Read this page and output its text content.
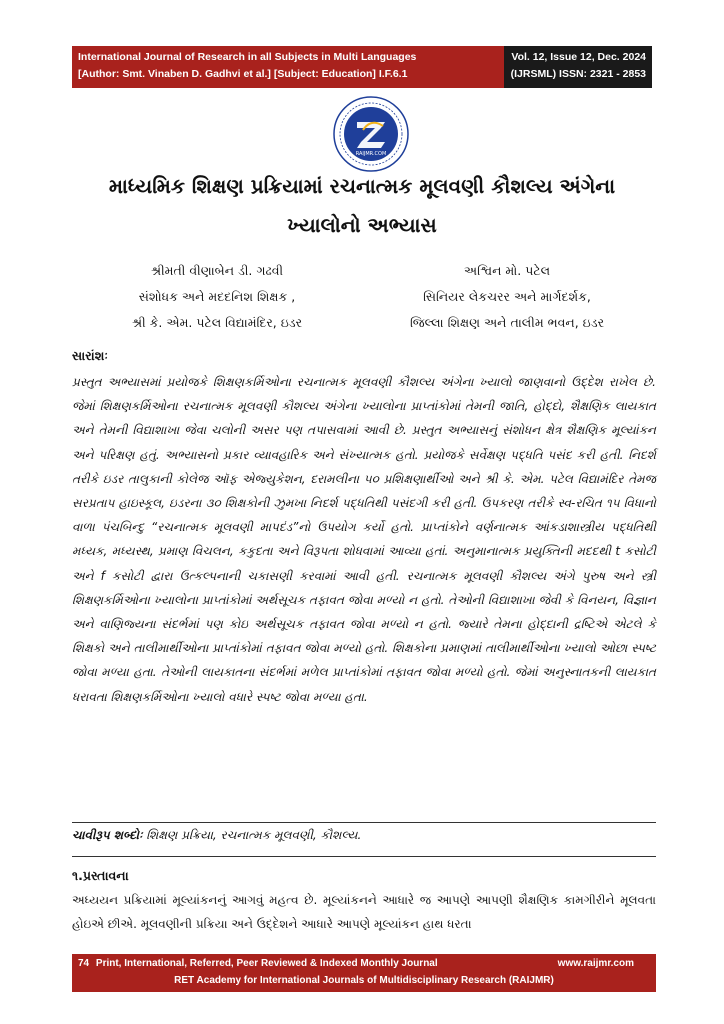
International Journal of Research in all Subjects in Multi Languages
[Author: Smt. Vinaben D. Gadhvi et al.] [Subject: Education] I.F.6.1
Vol. 12, Issue 12, Dec. 2024
(IJRSML) ISSN: 2321 - 2853
RAIJMR.COM
માધ્યમિક શિક્ષણ પ્રક્રિયામાં રચનાત્મક મૂલવણી કૌશલ્ય અંગેના
ખ્યાલોનો અભ્યાસ
શ્રીમતી વીણાબેન ડી. ગઢવી
સંશોધક અને મદદનિશ શિક્ષક ,
શ્રી કે. એમ. પટેલ વિદ્યામંદિર, ઇડર
અશ્વિન મો. પટેલ
સિનિયર લેકચરર અને માર્ગદર્શક,
જિલ્લા શિક્ષણ અને તાલીમ ભવન, ઇડર
સારાંશઃ
પ્રસ્તુત અભ્યાસમાં પ્રયોજકે શિક્ષણકર્મિઓના રચનાત્મક મૂલવણી કૌશલ્ય અંગેના ખ્યાલો જાણવાનો ઉદ્દેશ રાખેલ છે. જેમાં શિક્ષણકર્મિઓના રચનાત્મક મૂલવણી કૌશલ્ય અંગેના ખ્યાલોના પ્રાપ્તાંકોમાં તેમની જાતિ, હોદ્દો, શૈક્ષણિક લાયકાત અને તેમની વિદ્યાશાખા જેવા ચલોની અસર પણ તપાસવામાં આવી છે. પ્રસ્તુત અભ્યાસનું સંશોધન ક્ષેત્ર શૈક્ષણિક મૂલ્યાંકન અને પરિક્ષણ હતું. અભ્યાસનો પ્રકાર વ્યાવહારિક અને સંખ્યાત્મક હતો. પ્રયોજકે સર્વેક્ષણ પદ્ધતિ પસંદ કરી હતી. નિદર્શ તરીકે ઇડર તાલુકાની કોલેજ ઑફ એજ્યુકેશન, દરામલીના ૫૦ પ્રશિક્ષણાર્થીઓ અને શ્રી કે. એમ. પટેલ વિદ્યામંદિર તેમજ સરપ્રતાપ હાઇસ્કૂલ, ઇડરના ૩૦ શિક્ષકોની ઝુમખા નિદર્શ પદ્ધતિથી પસંદગી કરી હતી. ઉપકરણ તરીકે સ્વ-રચિત ૧૫ વિધાનો વાળા પંચબિન્દુ “રચનાત્મક મૂલવણી માપદંડ”નો ઉપયોગ કર્યો હતો. પ્રાપ્તાંકોને વર્ણનાત્મક આંકડાશાસ્ત્રીય પદ્ધતિથી મધ્યક, મધ્યસ્થ, પ્રમાણ વિચલન, કકુદતા અને વિરૂપતા શોધવામાં આવ્યા હતાં. અનુમાનાત્મક પ્રયુક્તિની મદદથી t કસોટી અને f કસોટી દ્વારા ઉત્કલ્પનાની ચકાસણી કરવામાં આવી હતી. રચનાત્મક મૂલવણી કૌશલ્ય અંગે પુરુષ અને સ્ત્રી શિક્ષણકર્મિઓના ખ્યાલોના પ્રાપ્તાંકોમાં અર્થસૂચક તફાવત જોવા મળ્યો ન હતો. તેઓની વિદ્યાશાખા જેવી કે વિનયન, વિજ્ઞાન અને વાણિજ્યના સંદર્ભમાં પણ કોઇ અર્થસૂચક તફાવત જોવા મળ્યો ન હતો. જ્યારે તેમના હોદ્દાની દ્રષ્ટિએ એટલે કે શિક્ષકો અને તાલીમાર્થીઓના પ્રાપ્તાંકોમાં તફાવત જોવા મળ્યો હતો. શિક્ષકોના પ્રમાણમાં તાલીમાર્થીઓના ખ્યાલો ઓછા સ્પષ્ટ જોવા મળ્યા હતા. તેઓની લાયકાતના સંદર્ભમાં મળેલ પ્રાપ્તાંકોમાં તફાવત જોવા મળ્યો હતો. જેમાં અનુસ્નાતકની લાયકાત ધરાવતા શિક્ષણકર્મિઓના ખ્યાલો વધારે સ્પષ્ટ જોવા મળ્યા હતા.
ચાવીરૂપ શબ્દોઃ શિક્ષણ પ્રક્રિયા, રચનાત્મક મૂલવણી, કૌશલ્ય.
૧.પ્રસ્તાવના
અધ્યયન પ્રક્રિયામાં મૂલ્યાંકનનું આગવું મહત્વ છે. મૂલ્યાંકનને આધારે જ આપણે આપણી શૈક્ષણિક કામગીરીને મૂલવતા હોઇએ છીએ. મૂલવણીની પ્રક્રિયા અને ઉદ્દેશને આધારે આપણે મૂલ્યાંકન હાથ ધરતા
74 Print, International, Referred, Peer Reviewed & Indexed Monthly Journal	www.raijmr.com
RET Academy for International Journals of Multidisciplinary Research (RAIJMR)
